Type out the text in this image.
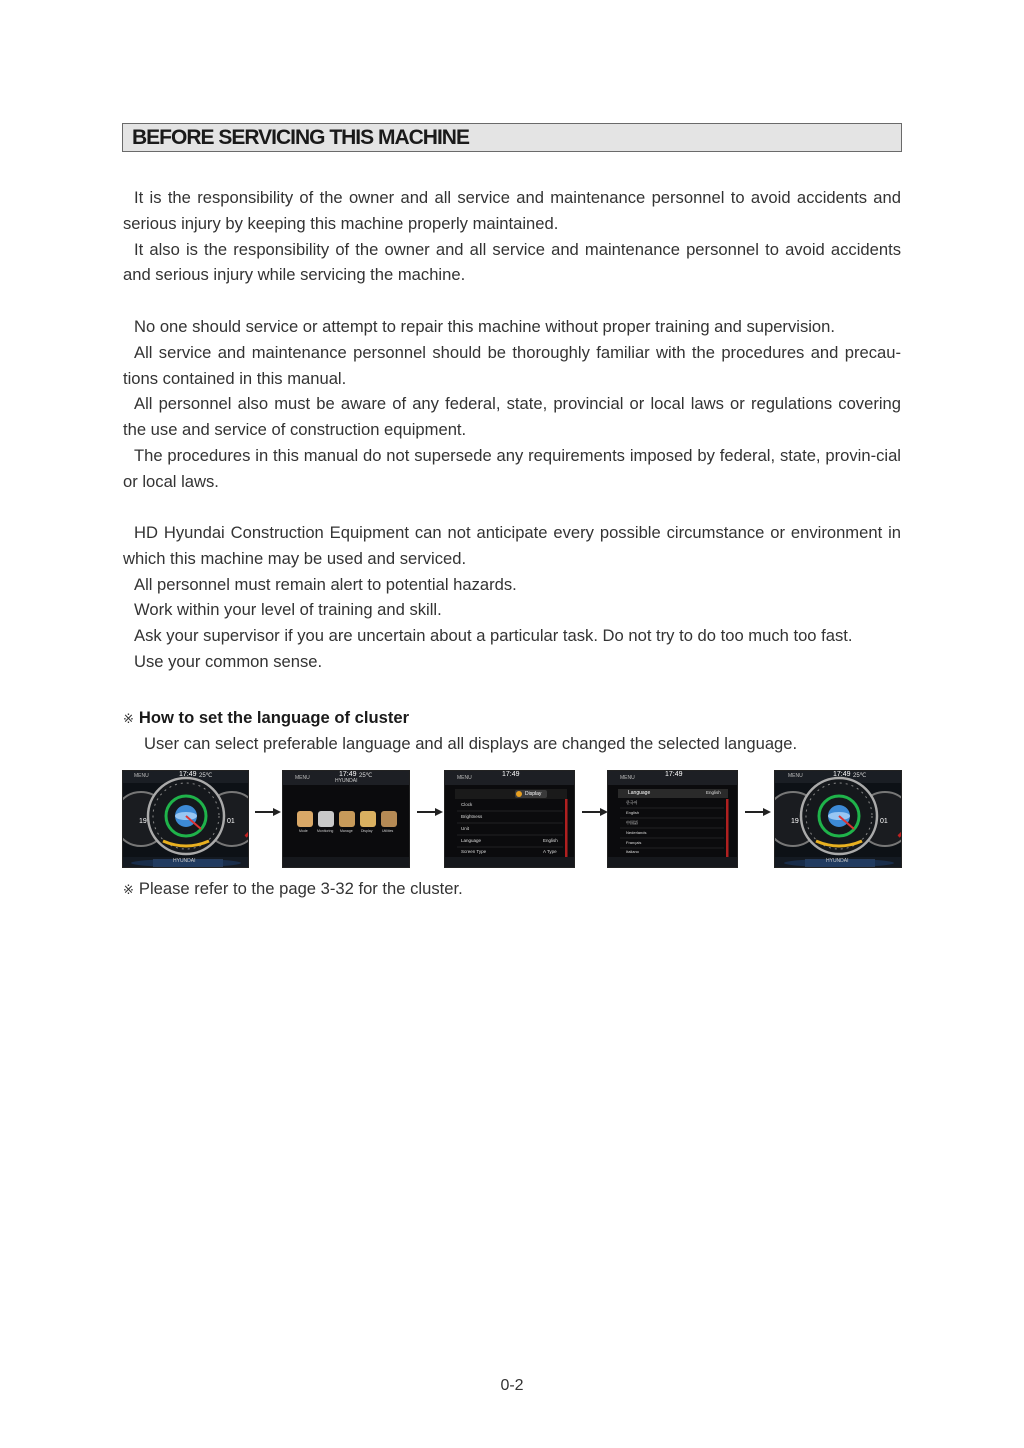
BEFORE SERVICING THIS MACHINE

It is the responsibility of the owner and all service and maintenance personnel to avoid accidents and serious injury by keeping this machine properly maintained.

It also is the responsibility of the owner and all service and maintenance personnel to avoid accidents and serious injury while servicing the machine.

No one should service or attempt to repair this machine without proper training and supervision.

All service and maintenance personnel should be thoroughly familiar with the procedures and precau-tions contained in this manual.

All personnel also must be aware of any federal, state, provincial or local laws or regulations covering the use and service of construction equipment.

The procedures in this manual do not supersede any requirements imposed by federal, state, provin-cial or local laws.

HD Hyundai Construction Equipment can not anticipate every possible circumstance or environment in which this machine may be used and serviced.

All personnel must remain alert to potential hazards.

Work within your level of training and skill.

Ask your supervisor if you are uncertain about a particular task. Do not try to do too much too fast.

Use your common sense.

※ How to set the language of cluster
User can select preferable language and all displays are changed the selected language.
19	01
MENU	17:49 25℃
HYUNDAI
MENU	17:49 25℃
HYUNDAI
Mode	Monitoring Manage Display	Utilities
MENU	17:49
Display
Clock
Brightness
Unit
Language
Screen Type
English
A Type
MENU	17:49
Language	English
한국어
English
中国語
Nederlands
Français
Italiano
19	01
MENU	17:49 25℃
HYUNDAI
※ Please refer to the page 3-32 for the cluster.
0-2
